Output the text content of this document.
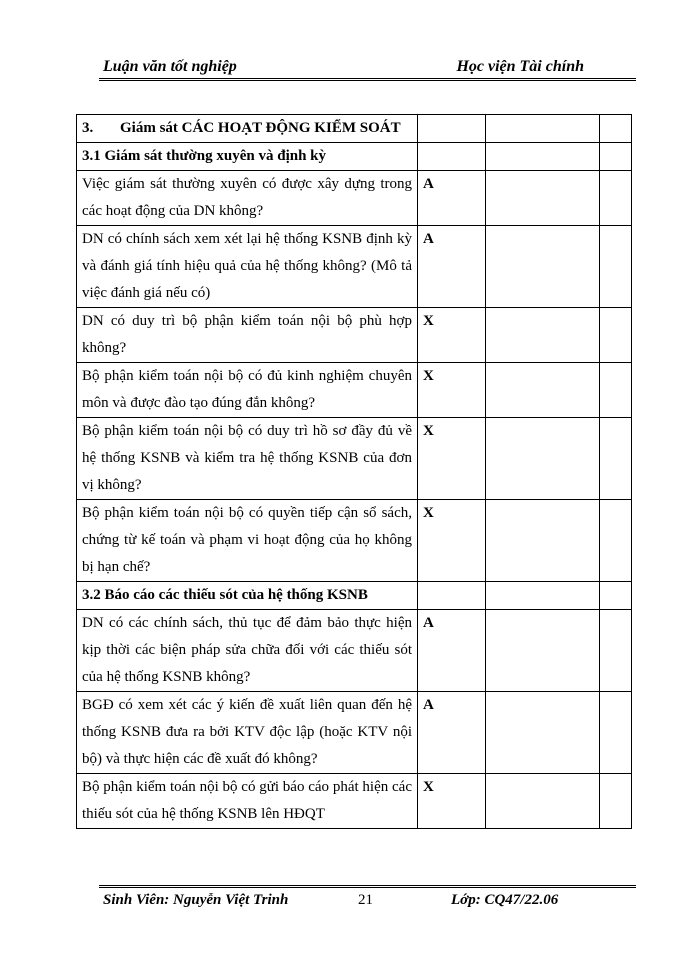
Luận văn tốt nghiệp	Học viện Tài chính
3. Giám sát CÁC HOẠT ĐỘNG KIỂM SOÁT			
3.1 Giám sát thường xuyên và định kỳ			
Việc giám sát thường xuyên có được xây dựng trong các hoạt động của DN không?	A		
DN có chính sách xem xét lại hệ thống KSNB định kỳ và đánh giá tính hiệu quả của hệ thống không? (Mô tả việc đánh giá nếu có)	A		
DN có duy trì bộ phận kiểm toán nội bộ phù hợp không?	X		
Bộ phận kiểm toán nội bộ có đủ kinh nghiệm chuyên môn và được đào tạo đúng đắn không?	X		
Bộ phận kiểm toán nội bộ có duy trì hồ sơ đầy đủ về hệ thống KSNB và kiểm tra hệ thống KSNB của đơn vị không?	X		
Bộ phận kiểm toán nội bộ có quyền tiếp cận sổ sách, chứng từ kế toán và phạm vi hoạt động của họ không bị hạn chế?	X		
3.2 Báo cáo các thiếu sót của hệ thống KSNB			
DN có các chính sách, thủ tục để đảm bảo thực hiện kịp thời các biện pháp sửa chữa đối với các thiếu sót của hệ thống KSNB không?	A		
BGĐ có xem xét các ý kiến đề xuất liên quan đến hệ thống KSNB đưa ra bởi KTV độc lập (hoặc KTV nội bộ) và thực hiện các đề xuất đó không?	A		
Bộ phận kiểm toán nội bộ có gửi báo cáo phát hiện các thiếu sót của hệ thống KSNB lên HĐQT	X		
Sinh Viên: Nguyễn Việt Trinh	21	Lớp: CQ47/22.06
